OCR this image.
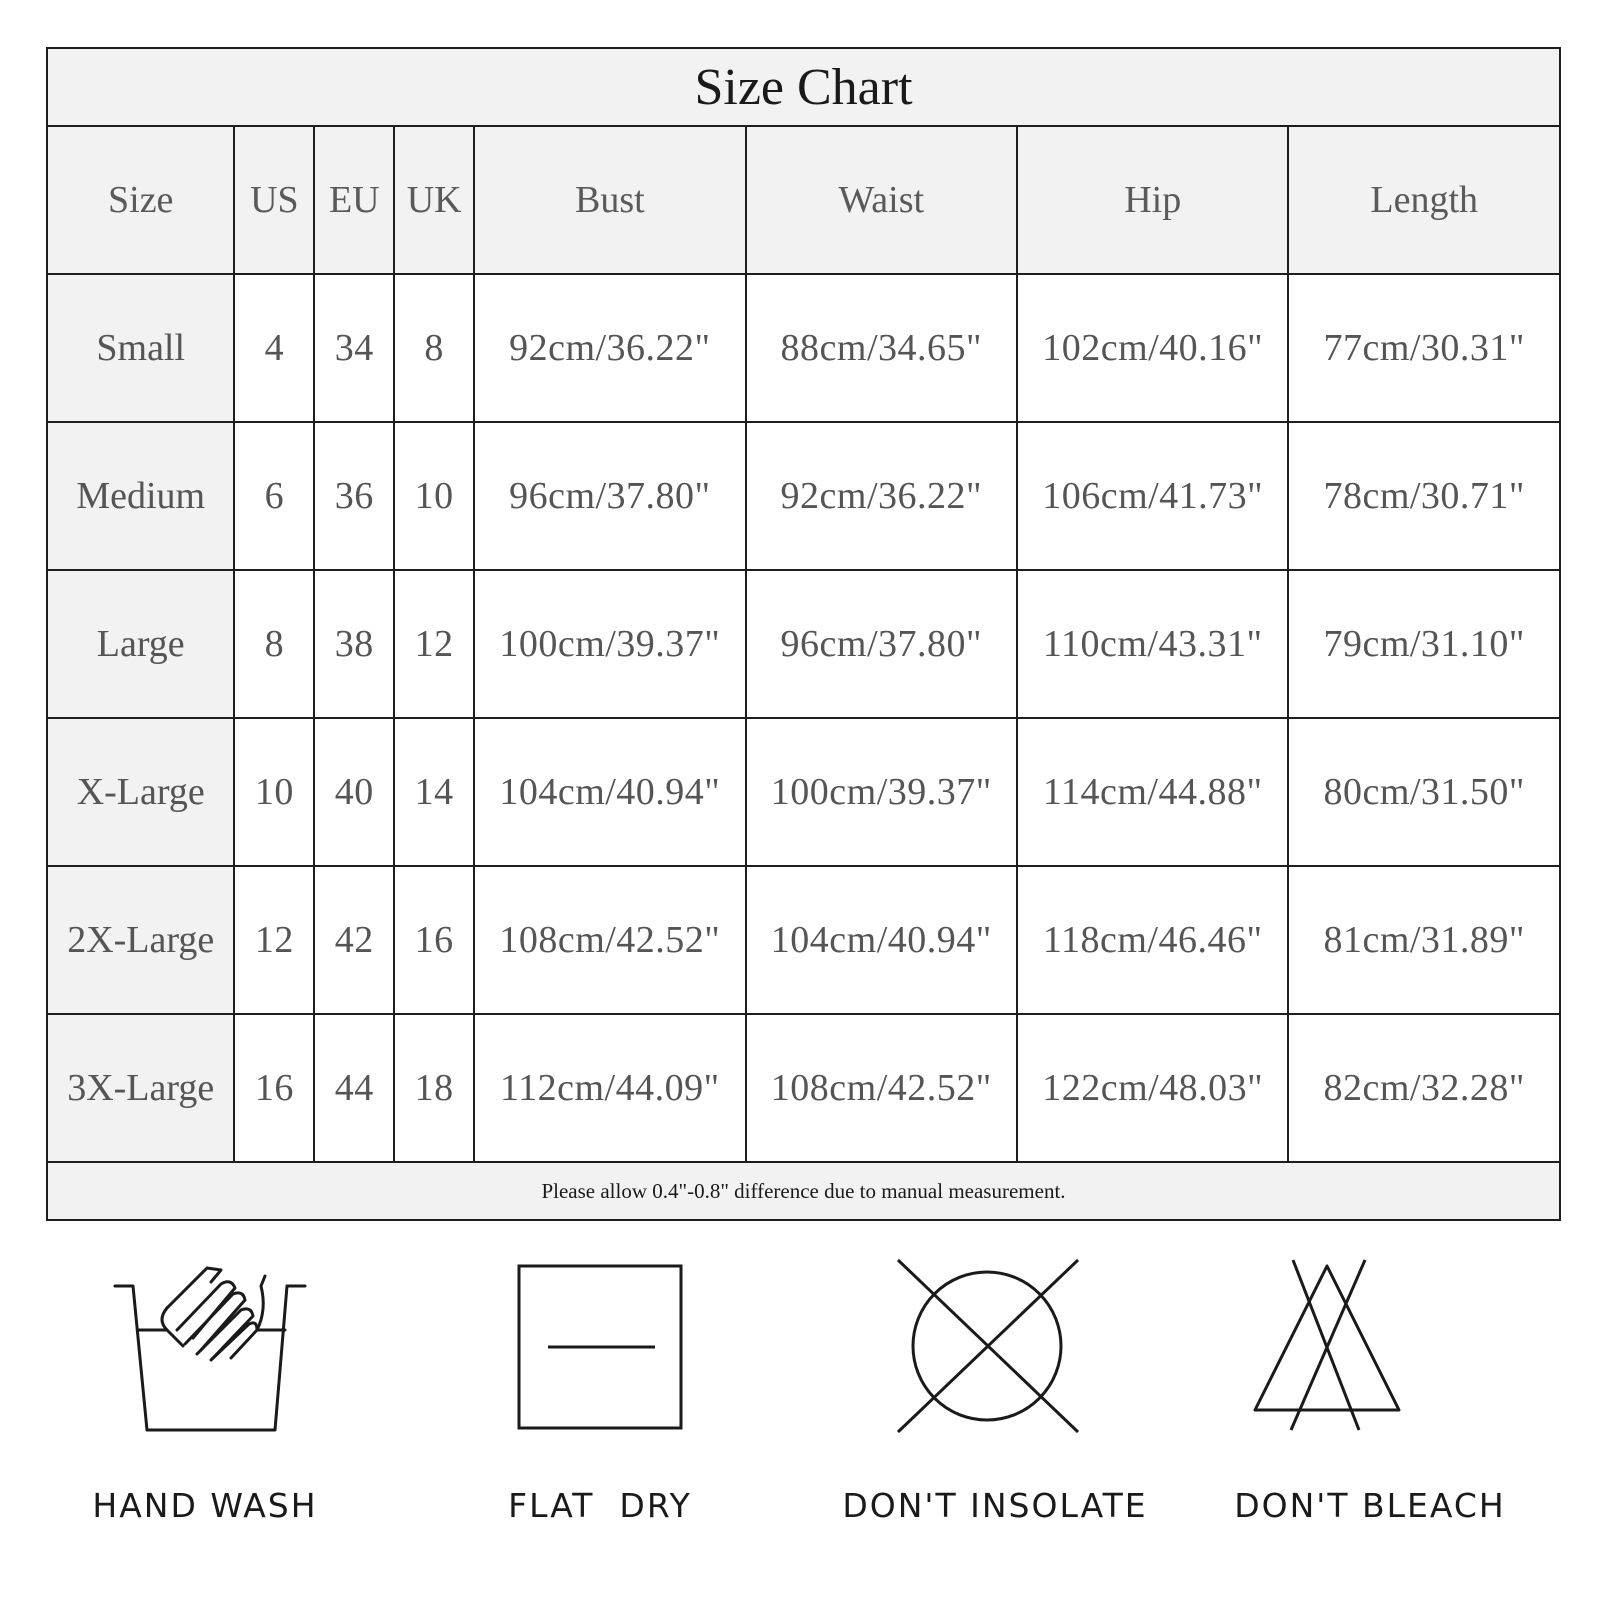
Size Chart							
Size	US	EU	UK	Bust	Waist	Hip	Length
Small	4	34	8	92cm/36.22"	88cm/34.65"	102cm/40.16"	77cm/30.31"
Medium	6	36	10	96cm/37.80"	92cm/36.22"	106cm/41.73"	78cm/30.71"
Large	8	38	12	100cm/39.37"	96cm/37.80"	110cm/43.31"	79cm/31.10"
X-Large	10	40	14	104cm/40.94"	100cm/39.37"	114cm/44.88"	80cm/31.50"
2X-Large	12	42	16	108cm/42.52"	104cm/40.94"	118cm/46.46"	81cm/31.89"
3X-Large	16	44	18	112cm/44.09"	108cm/42.52"	122cm/48.03"	82cm/32.28"
Please allow 0.4"-0.8" difference due to manual measurement.							
HAND WASH	FLAT  DRY	DON'T INSOLATE	DON'T BLEACH
